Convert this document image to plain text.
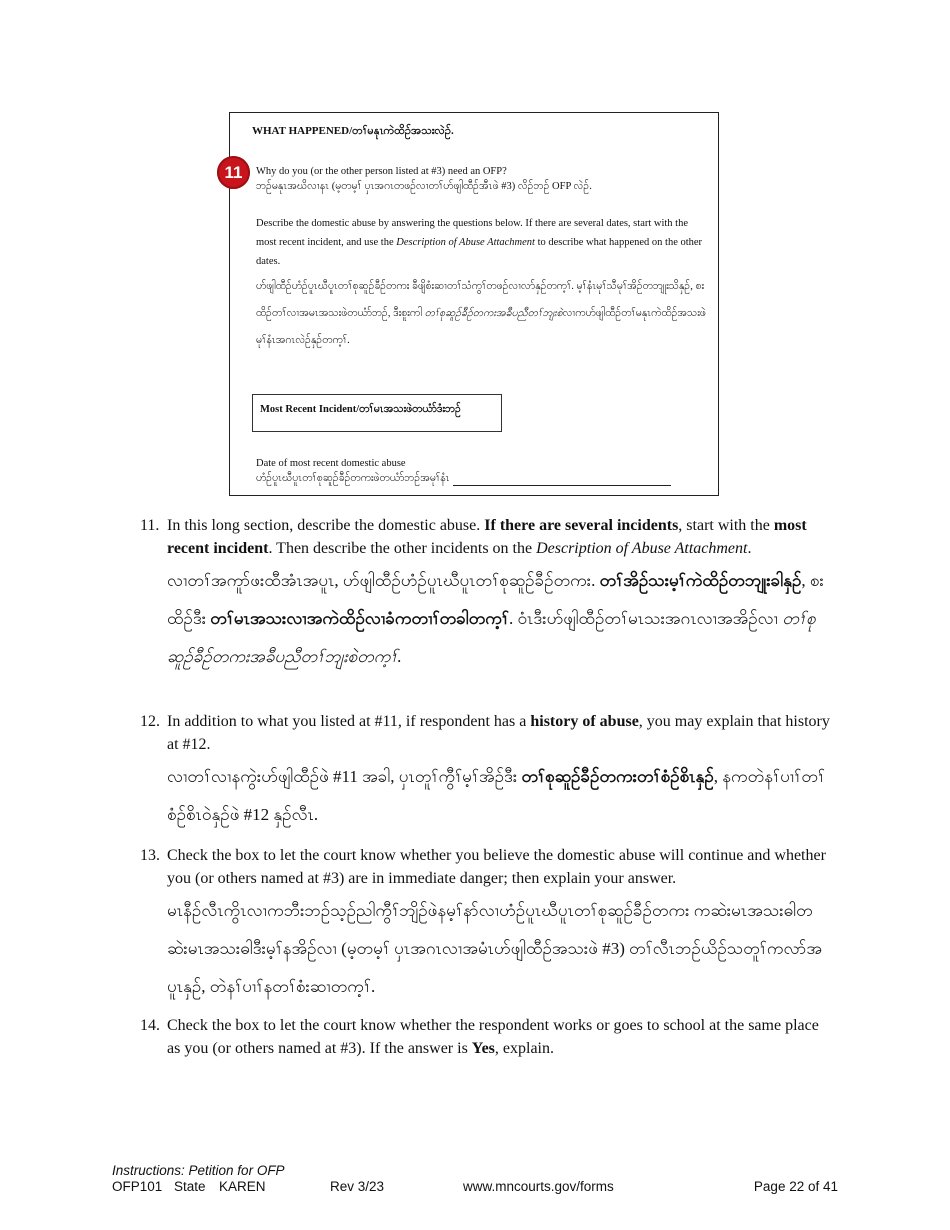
WHAT HAPPENED/တၢ်မနုၤကဲထိဉ်အသးလဲဉ်.
11	Why do you (or the other person listed at #3) need an OFP?

ဘဉ်မနုၤအဃိလၢနၤ (မ့တမ့ၢ် ပှၤအဂၤတဖဉ်လၢတၢ်ဟ်ဖျါထီဉ်အီၤဖဲ #3) လိဉ်ဘဉ် OFP လဲဉ်.

Describe the domestic abuse by answering the questions below. If there are several dates, start with the most recent incident, and use the Description of Abuse Attachment to describe what happened on the other dates.

ဟ်ဖျါထီဉ်ဟံဉ်ပူၤဃီပူၤတၢ်စုဆူဉ်ခီဉ်တကး ခီဖျိစံးဆၢတၢ်သံကွၢ်တဖဉ်လၢလာ်နှဉ်တက့ၢ်. မ့ၢ်နံၤမုၢ်သီမုၢ်အိဉ်တဘျုးသိနှဉ်, စးထိဉ်တၢ်လၢအမၤအသးဖဲတယံာ်ဘဉ်, ဒီးစူးကါ တၢ်စုဆူဉ်ခီဉ်တကးအခီပညီတၢ်ဘျးစဲလၢကဟ်ဖျါထီဉ်တၢ်မနုၤကဲထိဉ်အသးဖဲ မုၢ်နံၤအဂၤလဲဉ်နှဉ်တက့ၢ်.

Most Recent Incident/တၢ်မၤအသးဖဲတယံာ်ဒံးဘဉ်

Date of most recent domestic abuse

ဟံဉ်ပူၤဃီပူၤတၢ်စုဆူဉ်ခီဉ်တကးဖဲတယံာ်ဘဉ်အမုၢ်နံၤ

11. In this long section, describe the domestic abuse. If there are several incidents, start with the most recent incident. Then describe the other incidents on the Description of Abuse Attachment.

လၢတၢ်အကူာ်ဖးထီအံၤအပူၤ, ဟ်ဖျါထီဉ်ဟံဉ်ပူၤဃီပူၤတၢ်စုဆူဉ်ခီဉ်တကး. တၢ်အိဉ်သးမ့ၢ်ကဲထိဉ်တဘျုးခါနှဉ်, စးထိဉ်ဒီး တၢ်မၤအသးလၢအကဲထိဉ်လၢခံကတၢၢ်တခါတက့ၢ်. ဝံၤဒီးဟ်ဖျါထီဉ်တၢ်မၤသးအဂၤလၢအအိဉ်လၢ တၢ်စုဆူဉ်ခီဉ်တကးအခီပညီတၢ်ဘျးစဲတက့ၢ်.

12. In addition to what you listed at #11, if respondent has a history of abuse, you may explain that history at #12.

လၢတၢ်လၢနကွဲးဟ်ဖျါထီဉ်ဖဲ #11 အခါ, ပှၤတူၢ်ကွီၢ်မ့ၢ်အိဉ်ဒီး တၢ်စုဆူဉ်ခီဉ်တကးတၢ်စံဉ်စိၤနှဉ်, နကတဲနၢ်ပၢၢ်တၢ်စံဉ်စိၤဝဲနှဉ်ဖဲ #12 နှဉ်လီၤ.

13. Check the box to let the court know whether you believe the domestic abuse will continue and whether you (or others named at #3) are in immediate danger; then explain your answer.

မၤနီဉ်လီၤကွိၤလၢကဘီးဘဉ်သ့ဉ်ညါကွီၢ်ဘျိဉ်ဖဲနမ့ၢ်နာ်လၢဟံဉ်ပူၤဃီပူၤတၢ်စုဆူဉ်ခီဉ်တကး ကဆဲးမၤအသးဓါတဆဲးမၤအသးဓါဒီးမ့ၢ်နအိဉ်လၢ (မ့တမ့ၢ် ပှၤအဂၤလၢအမံၤဟ်ဖျါထီဉ်အသးဖဲ #3) တၢ်လီၤဘဉ်ယိဉ်သတူၢ်ကလာ်အပူၤနှဉ်, တဲနၢ်ပၢၢ်နတၢ်စံးဆၢတက့ၢ်.

14. Check the box to let the court know whether the respondent works or goes to school at the same place as you (or others named at #3). If the answer is Yes, explain.

Instructions: Petition for OFP
OFP101 State KAREN	Rev 3/23	www.mncourts.gov/forms	Page 22 of 41
